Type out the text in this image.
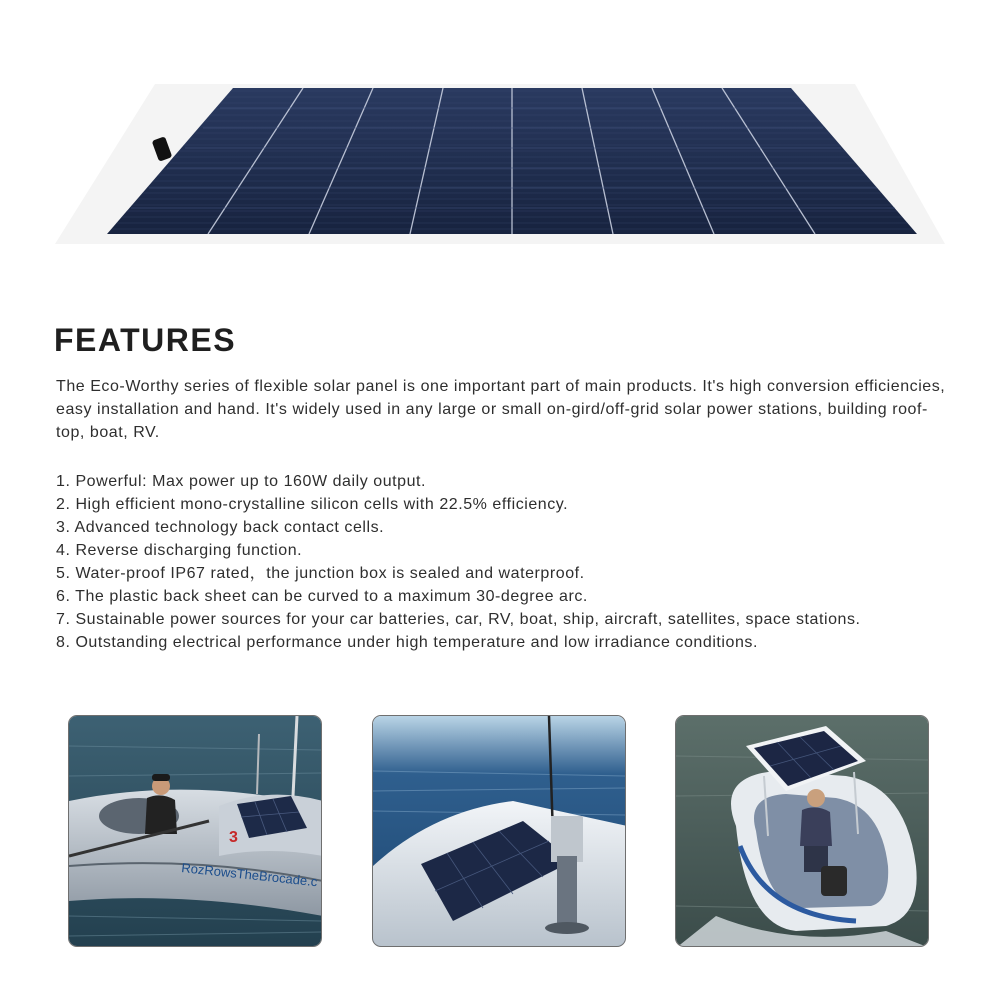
FEATURES

The Eco-Worthy series of flexible solar panel is one important part of main products. It's high conversion efficiencies, easy installation and hand. It's widely used in any large or small on-gird/off-grid solar power stations, building roof-top, boat, RV.

1. Powerful: Max power up to 160W daily output.
2. High efficient mono-crystalline silicon cells with 22.5% efficiency.
3. Advanced technology back contact cells.
4. Reverse discharging function.
5. Water-proof IP67 rated，the junction box is sealed and waterproof.
6. The plastic back sheet can be curved to a maximum 30-degree arc.
7. Sustainable power sources for your car batteries, car, RV, boat, ship, aircraft, satellites, space stations.
8. Outstanding electrical performance under high temperature and low irradiance conditions.
3
RozRowsTheBrocade.c
